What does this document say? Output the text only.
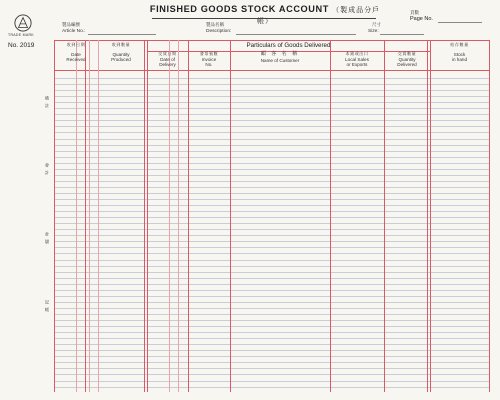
TRADE MARK
No. 2019
備 註
會 計
倉 儲
記 帳
FINISHED GOODS STOCK ACCOUNT （製成品分戶帳）
製品編號
Article No.:
製品名稱
Description:
尺寸
Size:
頁數
Page No.
Particulars of Goods Delivered
收到日期
Date
Received
收到數量
Quantity
Produced
交貨日期
Date of
Delivery
發票號數
Invoice
No.
顧 客 名 稱
Name of Customer
本銷或出口
Local Sales
or Exports
交貨數量
Quantity
Delivered
結存數量
Stock
in hand
